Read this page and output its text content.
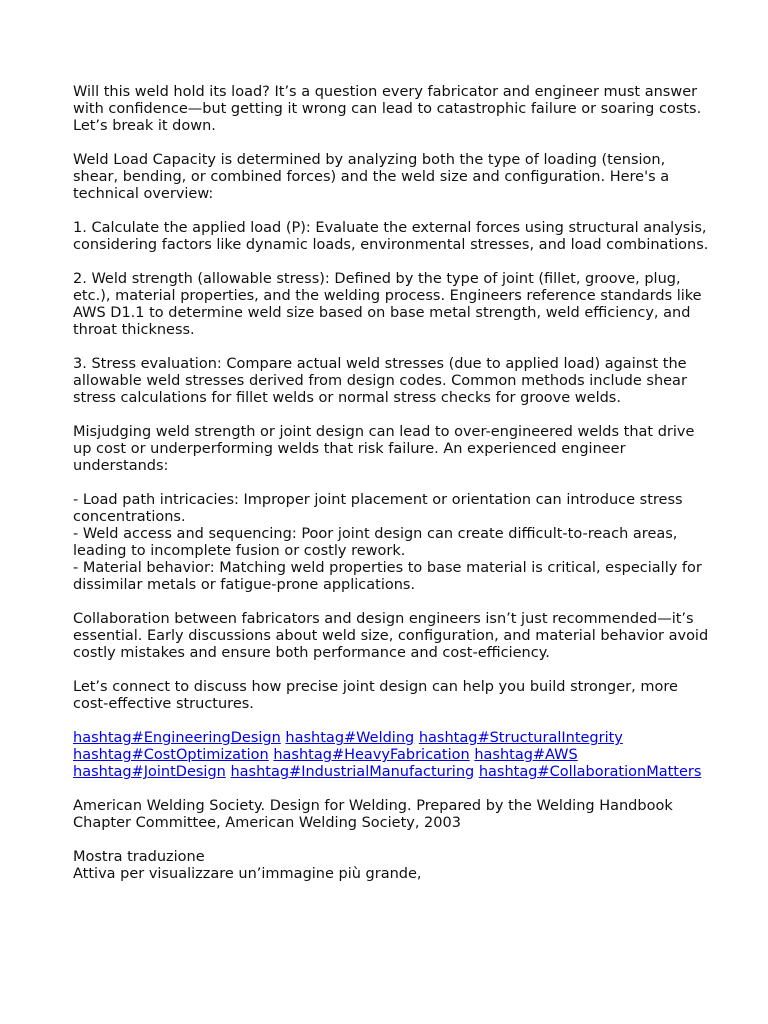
Will this weld hold its load? It’s a question every fabricator and engineer must answer with confidence—but getting it wrong can lead to catastrophic failure or soaring costs. Let’s break it down.

Weld Load Capacity is determined by analyzing both the type of loading (tension, shear, bending, or combined forces) and the weld size and configuration. Here's a technical overview:

1. Calculate the applied load (P): Evaluate the external forces using structural analysis, considering factors like dynamic loads, environmental stresses, and load combinations.

2. Weld strength (allowable stress): Defined by the type of joint (fillet, groove, plug, etc.), material properties, and the welding process. Engineers reference standards like AWS D1.1 to determine weld size based on base metal strength, weld efficiency, and throat thickness.

3. Stress evaluation: Compare actual weld stresses (due to applied load) against the allowable weld stresses derived from design codes. Common methods include shear stress calculations for fillet welds or normal stress checks for groove welds.

Misjudging weld strength or joint design can lead to over-engineered welds that drive up cost or underperforming welds that risk failure. An experienced engineer understands:

- Load path intricacies: Improper joint placement or orientation can introduce stress concentrations.
- Weld access and sequencing: Poor joint design can create difficult-to-reach areas, leading to incomplete fusion or costly rework.
- Material behavior: Matching weld properties to base material is critical, especially for dissimilar metals or fatigue-prone applications.

Collaboration between fabricators and design engineers isn’t just recommended—it’s essential. Early discussions about weld size, configuration, and material behavior avoid costly mistakes and ensure both performance and cost-efficiency.

Let’s connect to discuss how precise joint design can help you build stronger, more cost-effective structures.

hashtag#EngineeringDesign hashtag#Welding hashtag#StructuralIntegrity hashtag#CostOptimization hashtag#HeavyFabrication hashtag#AWS hashtag#JointDesign hashtag#IndustrialManufacturing hashtag#CollaborationMatters

American Welding Society. Design for Welding. Prepared by the Welding Handbook Chapter Committee, American Welding Society, 2003

Mostra traduzione
Attiva per visualizzare un’immagine più grande,
